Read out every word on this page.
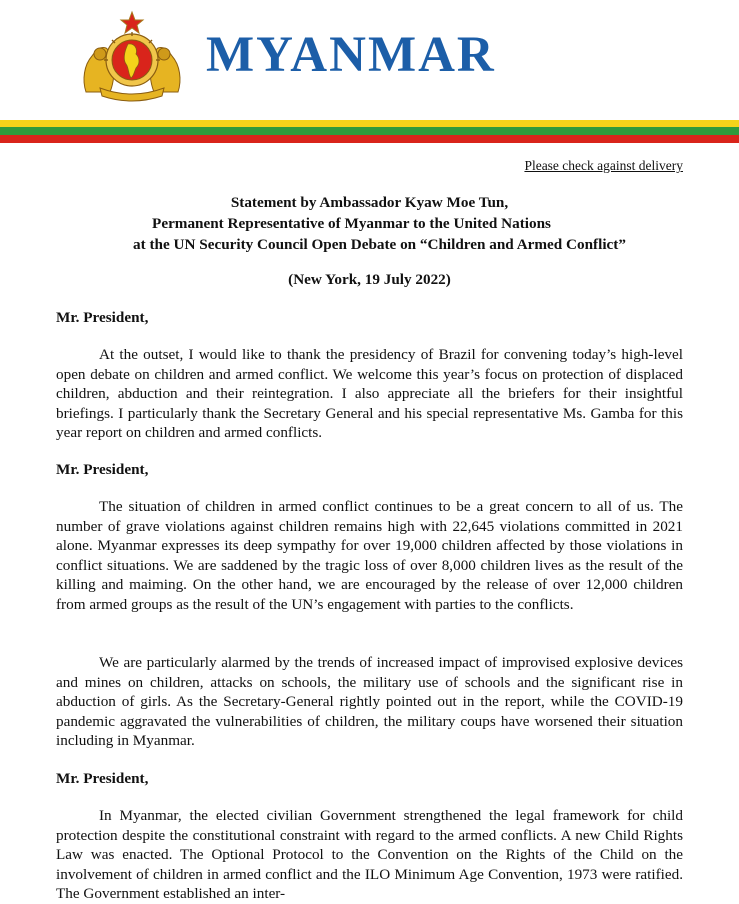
MYANMAR
Please check against delivery
Statement by Ambassador Kyaw Moe Tun,
Permanent Representative of Myanmar to the United Nations
at the UN Security Council Open Debate on “Children and Armed Conflict”

(New York, 19 July 2022)

Mr. President,

At the outset, I would like to thank the presidency of Brazil for convening today’s high-level open debate on children and armed conflict. We welcome this year’s focus on protection of displaced children, abduction and their reintegration. I also appreciate all the briefers for their insightful briefings. I particularly thank the Secretary General and his special representative Ms. Gamba for this year report on children and armed conflicts.

Mr. President,

The situation of children in armed conflict continues to be a great concern to all of us. The number of grave violations against children remains high with 22,645 violations committed in 2021 alone. Myanmar expresses its deep sympathy for over 19,000 children affected by those violations in conflict situations. We are saddened by the tragic loss of over 8,000 children lives as the result of the killing and maiming. On the other hand, we are encouraged by the release of over 12,000 children from armed groups as the result of the UN’s engagement with parties to the conflicts.

We are particularly alarmed by the trends of increased impact of improvised explosive devices and mines on children, attacks on schools, the military use of schools and the significant rise in abduction of girls. As the Secretary-General rightly pointed out in the report, while the COVID-19 pandemic aggravated the vulnerabilities of children, the military coups have worsened their situation including in Myanmar.

Mr. President,

In Myanmar, the elected civilian Government strengthened the legal framework for child protection despite the constitutional constraint with regard to the armed conflicts. A new Child Rights Law was enacted. The Optional Protocol to the Convention on the Rights of the Child on the involvement of children in armed conflict and the ILO Minimum Age Convention, 1973 were ratified. The Government established an inter-
